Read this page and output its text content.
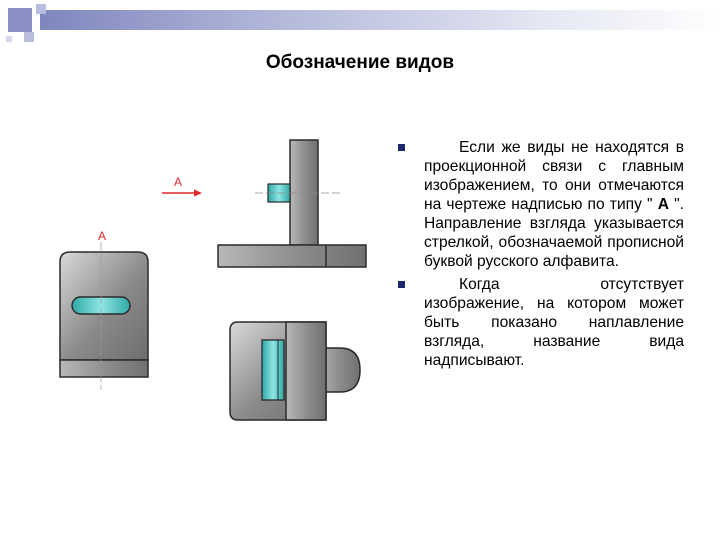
Обозначение видов
А
А

Если же виды не находятся в проекционной связи с главным изображением, то они отмечаются на чертеже надписью по типу " А ". Направление взгляда указывается стрелкой, обозначаемой прописной буквой русского алфавита.

Когда отсутствует изображение, на котором может быть показано наплавление взгляда, название вида надписывают.
